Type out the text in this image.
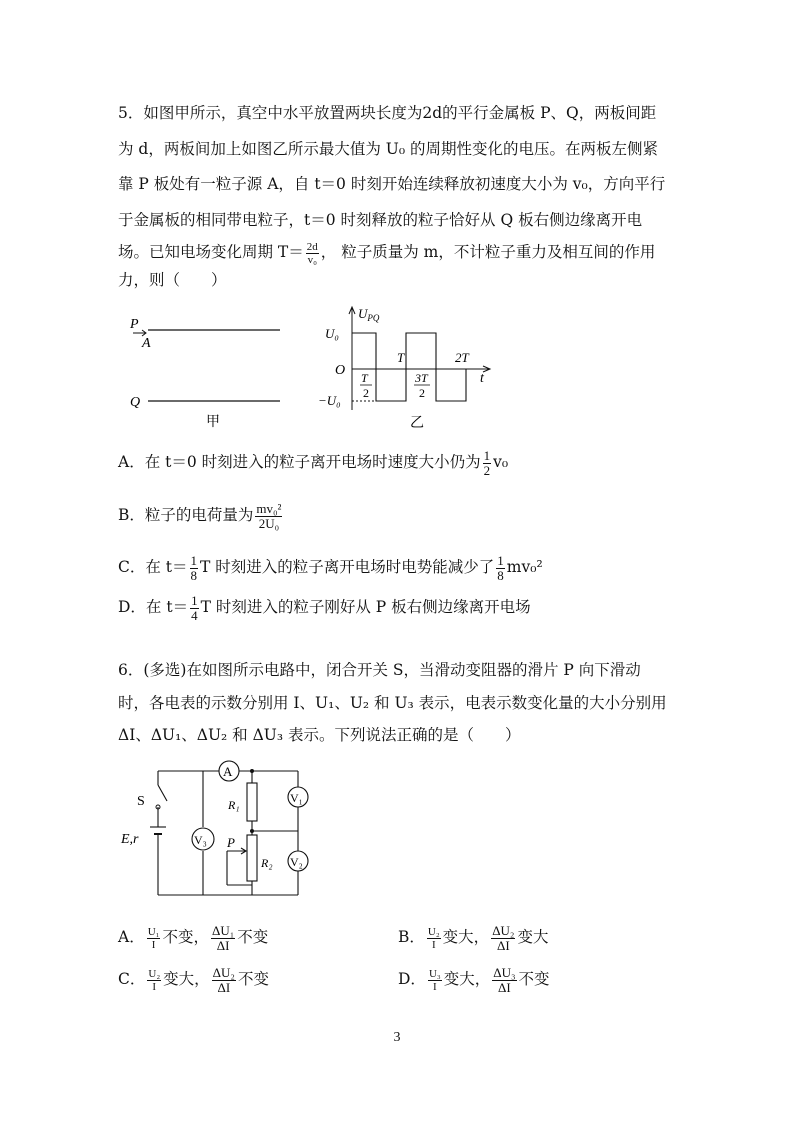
5．如图甲所示，真空中水平放置两块长度为2d的平行金属板 P、Q，两板间距
为 d，两板间加上如图乙所示最大值为 U₀ 的周期性变化的电压。在两板左侧紧
靠 P 板处有一粒子源 A，自 t＝0 时刻开始连续释放初速度大小为 v₀，方向平行
于金属板的相同带电粒子，t＝0 时刻释放的粒子恰好从 Q 板右侧边缘离开电
场。已知电场变化周期 $T= \frac{2d}{\text{v₀}}$ ， 粒子质量为 m，不计粒子重力及相互间的作用
力，则（　　）
P
A
Q
甲
$U_{PQ}$
t
O
U₀
−U₀
T	2T
T
2
3T
2
乙
A．在 t＝0 时刻进入的粒子离开电场时速度大小仍为 $\frac{1}{2} v_0$
B．粒子的电荷量为 $\frac{\text{mv₀²}}{\text{2U₀}}$
C．在 $t= \frac{1}{8}$ T 时刻进入的粒子离开电场时电势能减少了 $\frac{1}{8} mv_0^2$
D．在 $t= \frac{1}{4}$ T 时刻进入的粒子刚好从 P 板右侧边缘离开电场
6．(多选)在如图所示电路中，闭合开关 S，当滑动变阻器的滑片 P 向下滑动
时，各电表的示数分别用 I、U₁、U₂ 和 U₃ 表示，电表示数变化量的大小分别用
ΔI、ΔU₁、ΔU₂ 和 ΔU₃ 表示。下列说法正确的是（　　）
A
V₃
V₁
V₂
S
E,r
R₁
R₂
P
A． $\frac{\text{U₁}}{I}$ 不变， $\frac{\text{ΔU₁}}{\Delta I}$ 不变	B． $\frac{\text{U₂}}{I}$ 变大， $\frac{\text{ΔU₂}}{\Delta I}$ 变大
C． $\frac{\text{U₂}}{I}$ 变大， $\frac{\text{ΔU₂}}{\Delta I}$ 不变	D． $\frac{\text{U₃}}{I}$ 变大， $\frac{\text{ΔU₃}}{\Delta I}$ 不变
3
